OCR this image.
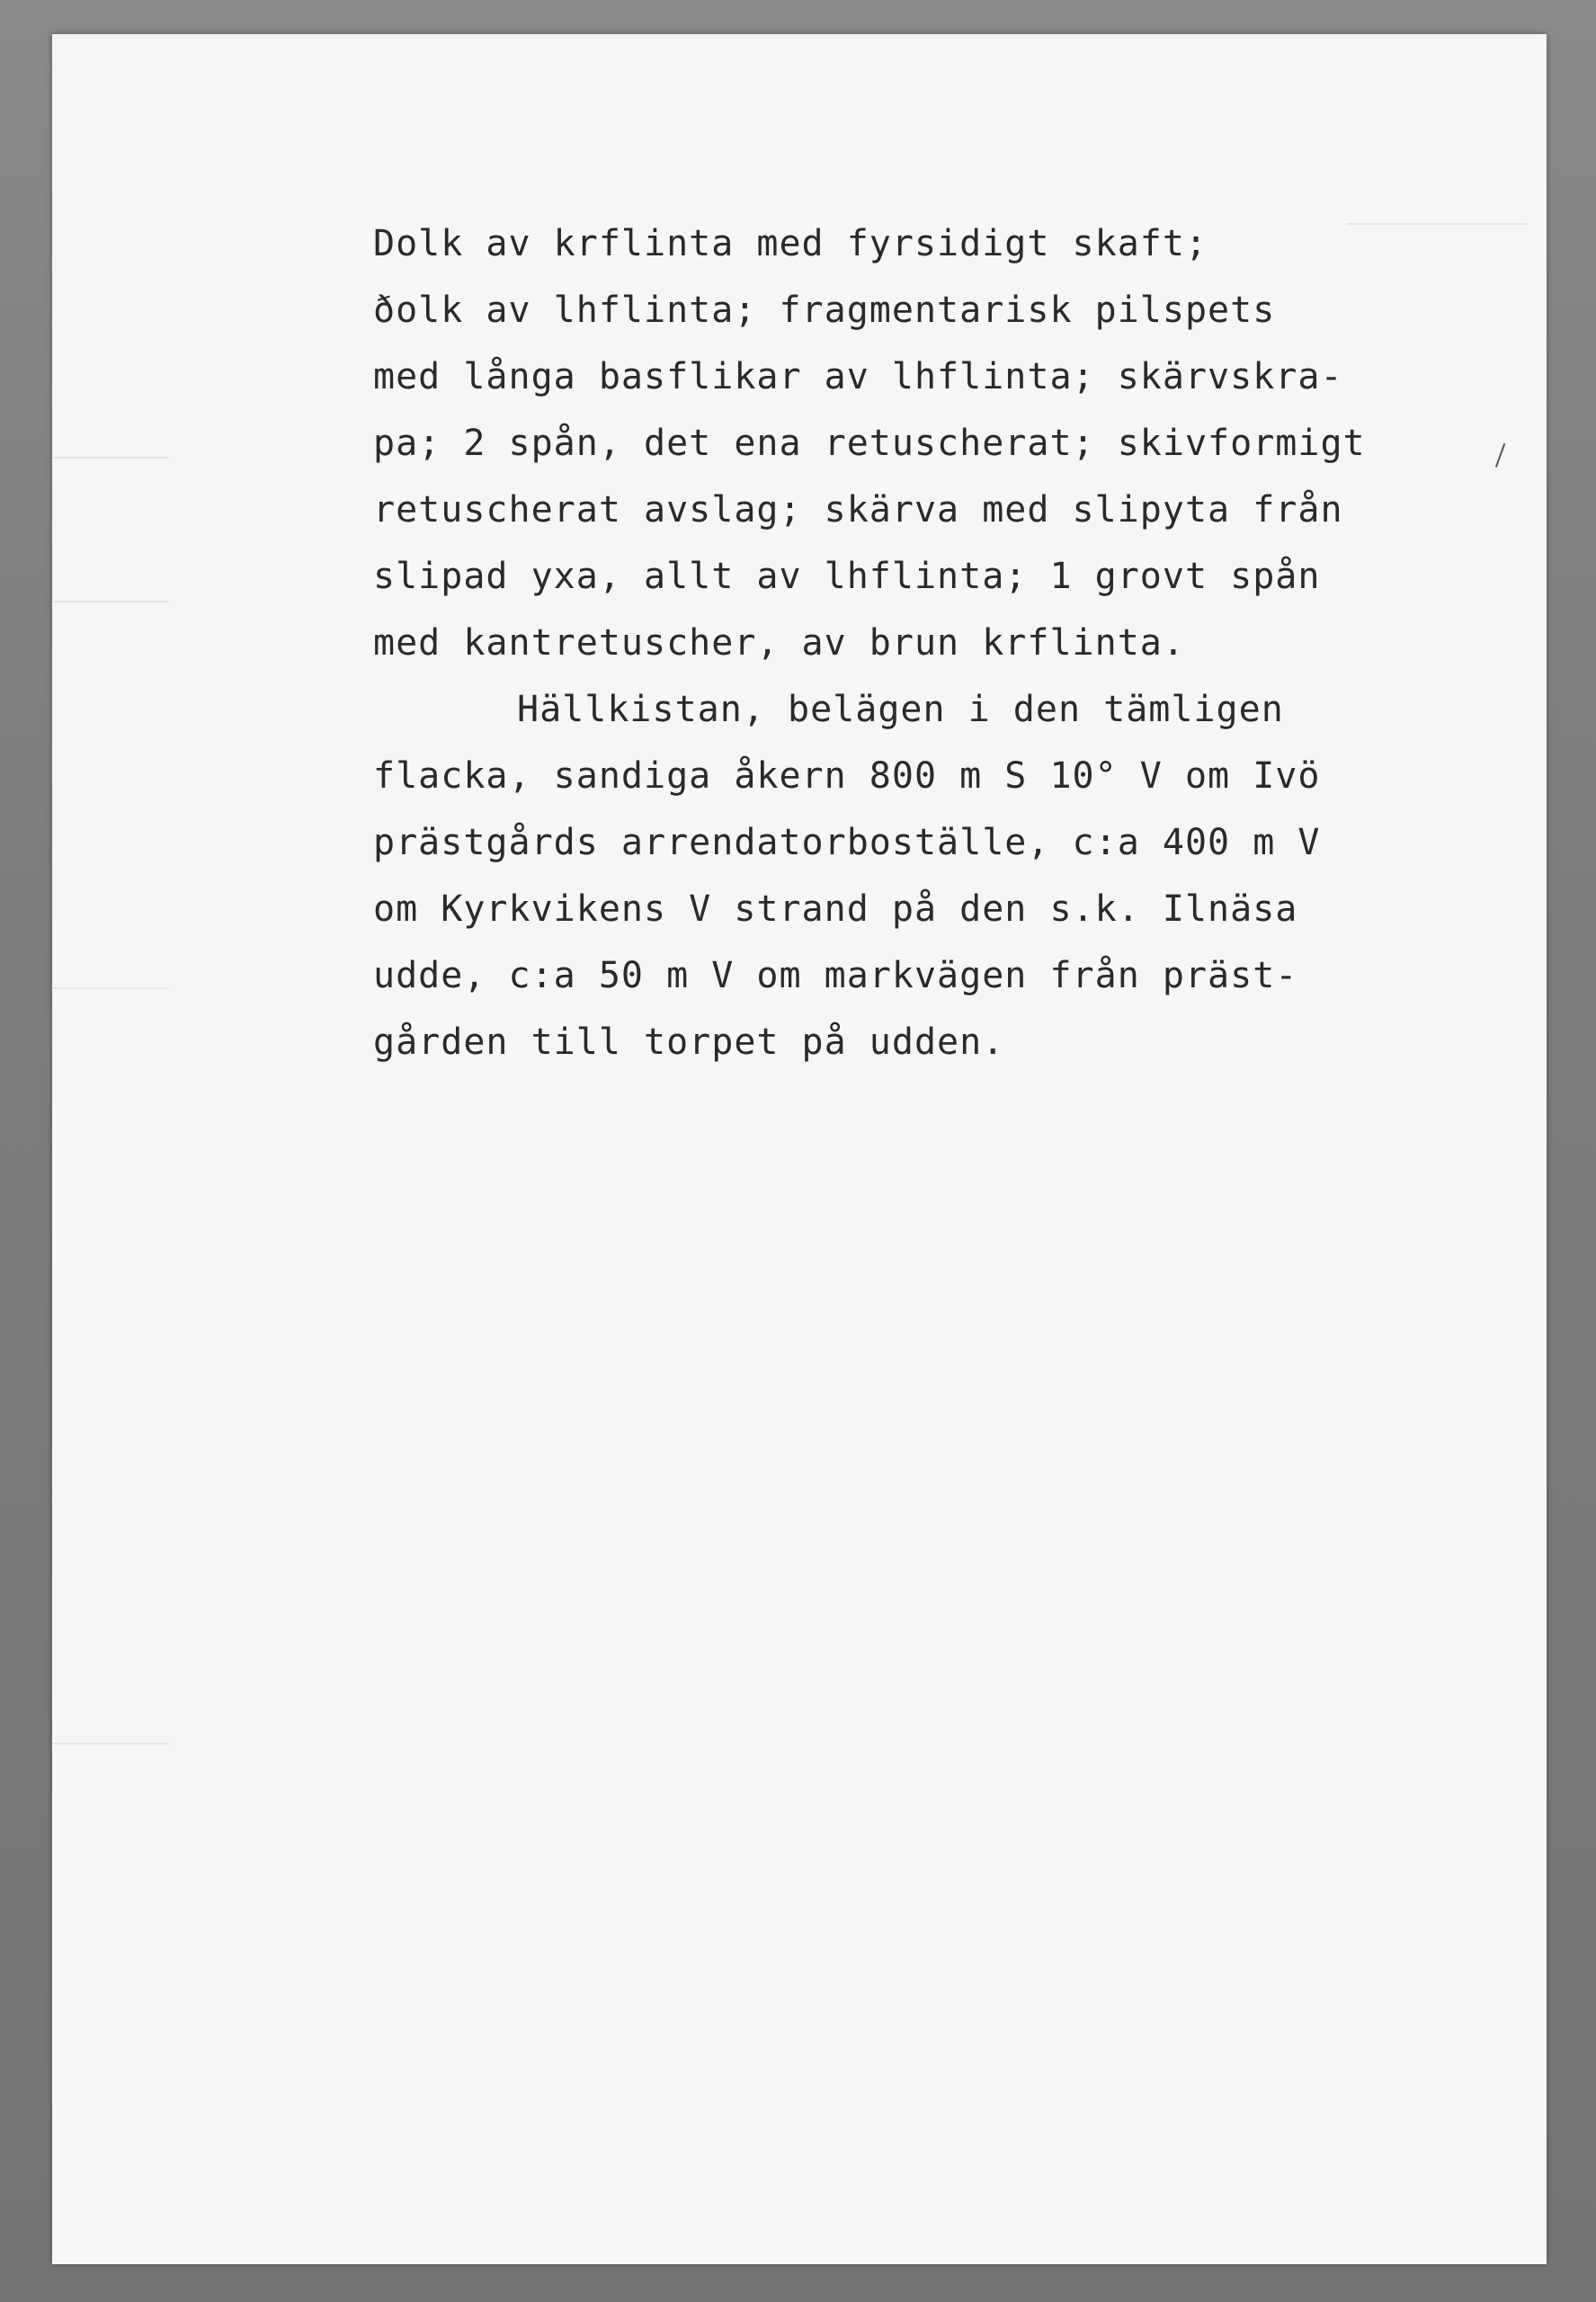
Dolk av krflinta med fyrsidigt skaft;
ðolk av lhflinta; fragmentarisk pilspets
med långa basflikar av lhflinta; skärvskra-
pa; 2 spån, det ena retuscherat; skivformigt
retuscherat avslag; skärva med slipyta från
slipad yxa, allt av lhflinta; 1 grovt spån
med kantretuscher, av brun krflinta.
Hällkistan, belägen i den tämligen
flacka, sandiga åkern 800 m S 10° V om Ivö
prästgårds arrendatorboställe, c:a 400 m V
om Kyrkvikens V strand på den s.k. Ilnäsa
udde, c:a 50 m V om markvägen från präst-
gården till torpet på udden.
